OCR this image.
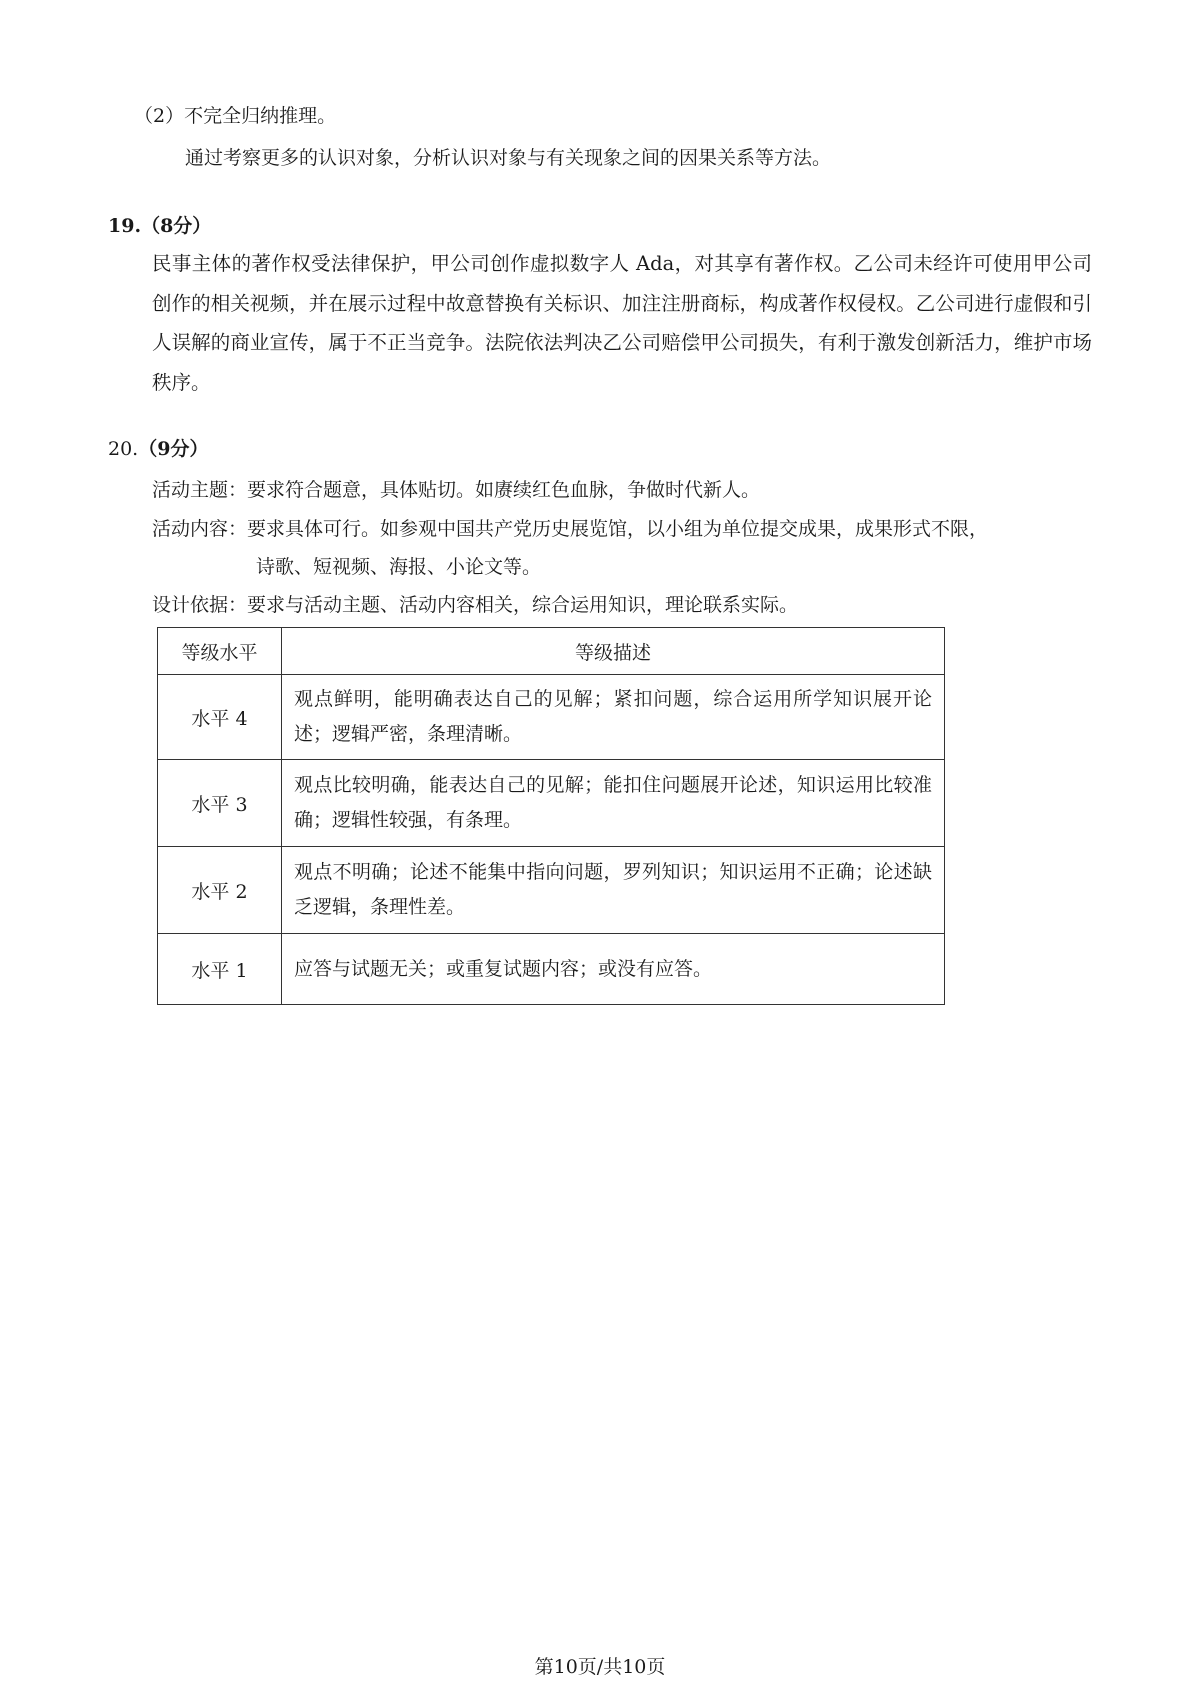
（2）不完全归纳推理。
通过考察更多的认识对象，分析认识对象与有关现象之间的因果关系等方法。
19.（8分）
民事主体的著作权受法律保护，甲公司创作虚拟数字人 Ada，对其享有著作权。乙公司未经许可使用甲公司创作的相关视频，并在展示过程中故意替换有关标识、加注注册商标，构成著作权侵权。乙公司进行虚假和引人误解的商业宣传，属于不正当竞争。法院依法判决乙公司赔偿甲公司损失，有利于激发创新活力，维护市场秩序。
20.（9分）
活动主题：要求符合题意，具体贴切。如赓续红色血脉，争做时代新人。
活动内容：要求具体可行。如参观中国共产党历史展览馆，以小组为单位提交成果，成果形式不限，
诗歌、短视频、海报、小论文等。
设计依据：要求与活动主题、活动内容相关，综合运用知识，理论联系实际。
等级水平	等级描述
水平 4	观点鲜明，能明确表达自己的见解；紧扣问题，综合运用所学知识展开论述；逻辑严密，条理清晰。
水平 3	观点比较明确，能表达自己的见解；能扣住问题展开论述，知识运用比较准确；逻辑性较强，有条理。
水平 2	观点不明确；论述不能集中指向问题，罗列知识；知识运用不正确；论述缺乏逻辑，条理性差。
水平 1	应答与试题无关；或重复试题内容；或没有应答。
第10页/共10页
